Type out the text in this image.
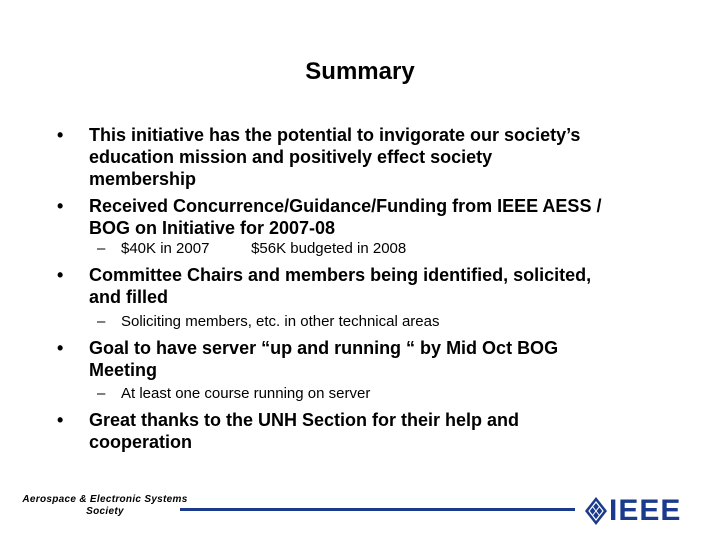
Summary
• This initiative has the potential to invigorate our society’s
education mission and positively effect society
membership
• Received Concurrence/Guidance/Funding from IEEE AESS /
BOG on Initiative for 2007-08
– $40K in 2007          $56K budgeted in 2008
• Committee Chairs and members being identified, solicited,
and filled
– Soliciting members, etc. in other technical areas
• Goal to have server “up and running “ by Mid Oct BOG
Meeting
– At least one course running on server
• Great thanks to the UNH Section for their help and
cooperation
Aerospace & Electronic Systems
Society	IEEE
